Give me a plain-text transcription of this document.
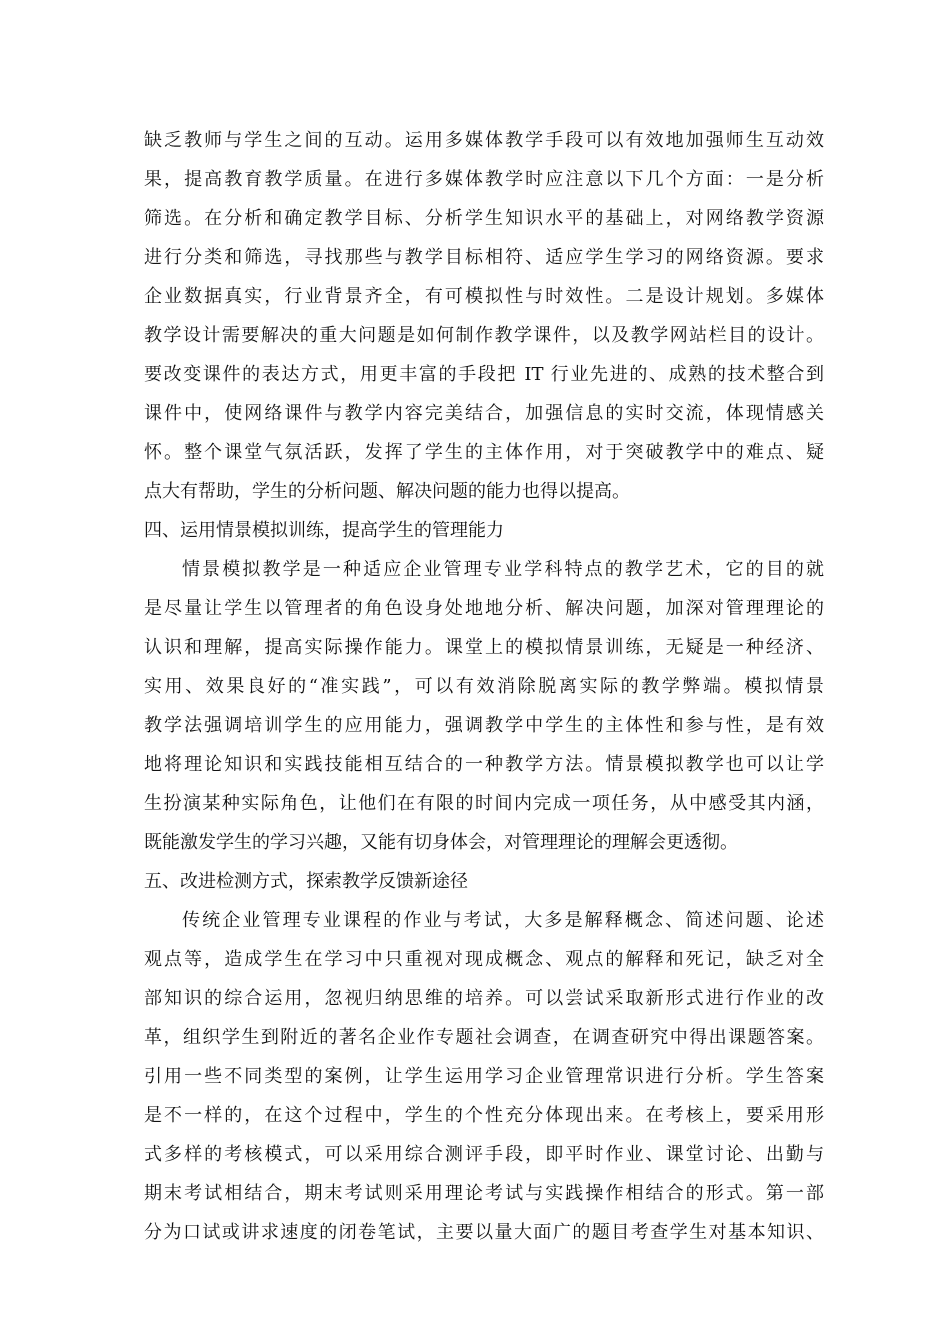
缺乏教师与学生之间的互动。运用多媒体教学手段可以有效地加强师生互动效
果，提高教育教学质量。在进行多媒体教学时应注意以下几个方面：一是分析
筛选。在分析和确定教学目标、分析学生知识水平的基础上，对网络教学资源
进行分类和筛选，寻找那些与教学目标相符、适应学生学习的网络资源。要求
企业数据真实，行业背景齐全，有可模拟性与时效性。二是设计规划。多媒体
教学设计需要解决的重大问题是如何制作教学课件，以及教学网站栏目的设计。
要改变课件的表达方式，用更丰富的手段把 IT 行业先进的、成熟的技术整合到
课件中，使网络课件与教学内容完美结合，加强信息的实时交流，体现情感关
怀。整个课堂气氛活跃，发挥了学生的主体作用，对于突破教学中的难点、疑
点大有帮助，学生的分析问题、解决问题的能力也得以提高。
四、运用情景模拟训练，提高学生的管理能力
情景模拟教学是一种适应企业管理专业学科特点的教学艺术，它的目的就
是尽量让学生以管理者的角色设身处地地分析、解决问题，加深对管理理论的
认识和理解，提高实际操作能力。课堂上的模拟情景训练，无疑是一种经济、
实用、效果良好的“准实践”，可以有效消除脱离实际的教学弊端。模拟情景
教学法强调培训学生的应用能力，强调教学中学生的主体性和参与性，是有效
地将理论知识和实践技能相互结合的一种教学方法。情景模拟教学也可以让学
生扮演某种实际角色，让他们在有限的时间内完成一项任务，从中感受其内涵，
既能激发学生的学习兴趣，又能有切身体会，对管理理论的理解会更透彻。
五、改进检测方式，探索教学反馈新途径
传统企业管理专业课程的作业与考试，大多是解释概念、简述问题、论述
观点等，造成学生在学习中只重视对现成概念、观点的解释和死记，缺乏对全
部知识的综合运用，忽视归纳思维的培养。可以尝试采取新形式进行作业的改
革，组织学生到附近的著名企业作专题社会调查，在调查研究中得出课题答案。
引用一些不同类型的案例，让学生运用学习企业管理常识进行分析。学生答案
是不一样的，在这个过程中，学生的个性充分体现出来。在考核上，要采用形
式多样的考核模式，可以采用综合测评手段，即平时作业、课堂讨论、出勤与
期末考试相结合，期末考试则采用理论考试与实践操作相结合的形式。第一部
分为口试或讲求速度的闭卷笔试，主要以量大面广的题目考查学生对基本知识、
